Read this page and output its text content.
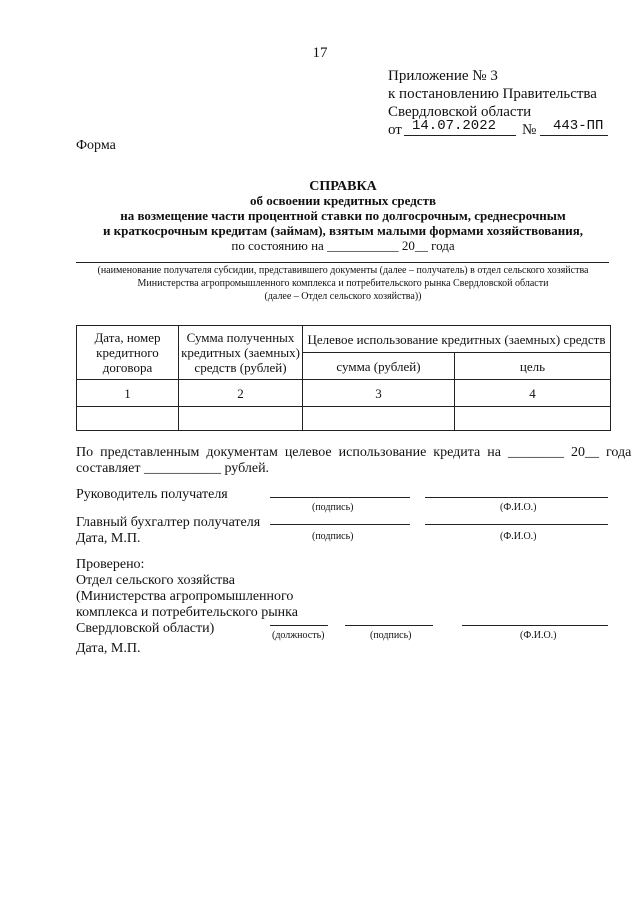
17
Приложение № 3
к постановлению Правительства
Свердловской области
от 14.07.2022 № 443-ПП
Форма
СПРАВКА
об освоении кредитных средств
на возмещение части процентной ставки по долгосрочным, среднесрочным
и краткосрочным кредитам (займам), взятым малыми формами хозяйствования,
по состоянию на ___________ 20__ года
(наименование получателя субсидии, представившего документы (далее – получатель) в отдел сельского хозяйства
Министерства агропромышленного комплекса и потребительского рынка Свердловской области
(далее – Отдел сельского хозяйства))
Дата, номер кредитного договора	Сумма полученных кредитных (заемных) средств (рублей)	Целевое использование кредитных (заемных) средств	
		сумма (рублей)	цель
1	2	3	4

По  представленным  документам  целевое  использование  кредита  на  ________  20__  года
составляет ___________ рублей.
Руководитель получателя
(подпись)	(Ф.И.О.)
Главный бухгалтер получателя
Дата, М.П.	(подпись)	(Ф.И.О.)
Проверено:
Отдел сельского хозяйства
(Министерства агропромышленного
комплекса и потребительского рынка
Свердловской области)	(должность)	(подпись)	(Ф.И.О.)
Дата, М.П.
